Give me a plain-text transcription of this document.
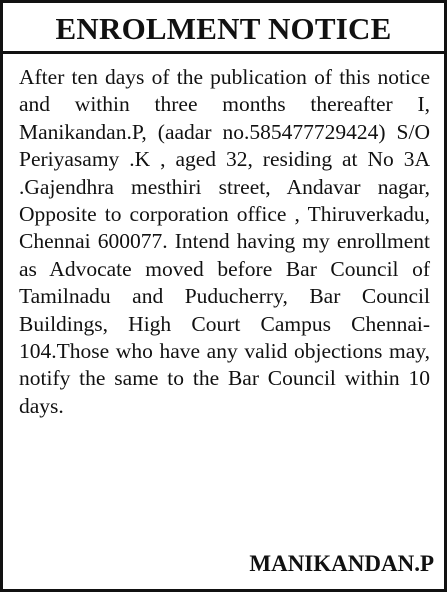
ENROLMENT NOTICE

After ten days of the publication of this notice and within three months thereafter I, Manikandan.P, (aadar no.585477729424) S/O Periyasamy .K , aged 32, residing at No 3A .Gajendhra mesthiri street, Andavar nagar, Opposite to corporation office , Thiruverkadu, Chennai 600077. Intend having my enrollment as Advocate moved before Bar Council of Tamilnadu and Puducherry, Bar Council Buildings, High Court Campus Chennai-104.Those who have any valid objections may, notify the same to the Bar Council within 10 days.

MANIKANDAN.P
